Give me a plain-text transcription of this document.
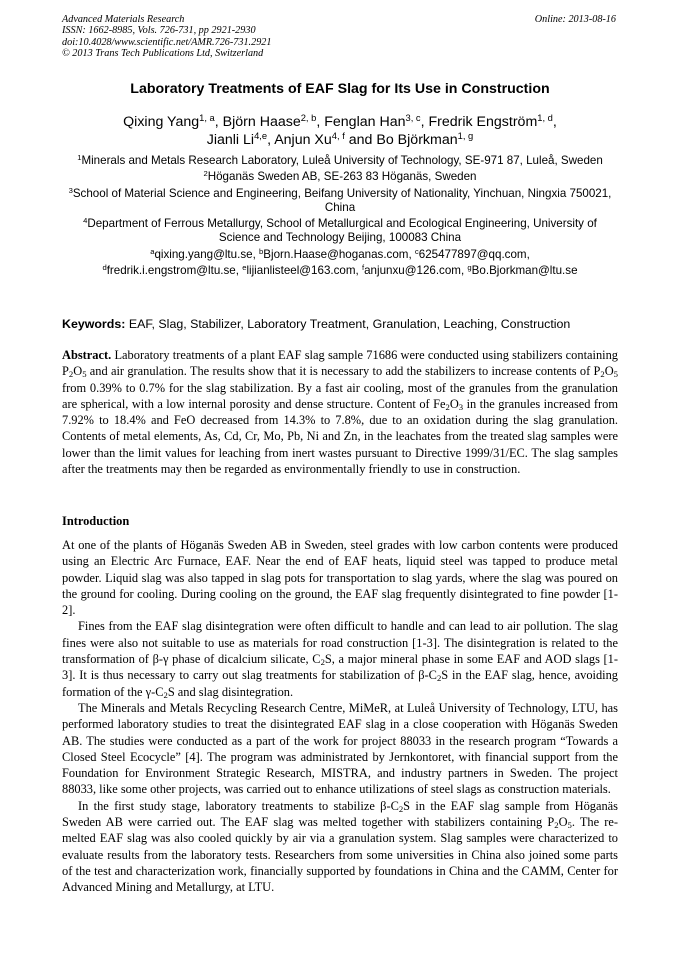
Advanced Materials Research
ISSN: 1662-8985, Vols. 726-731, pp 2921-2930
doi:10.4028/www.scientific.net/AMR.726-731.2921
© 2013 Trans Tech Publications Ltd, Switzerland
Online: 2013-08-16
Laboratory Treatments of EAF Slag for Its Use in Construction
Qixing Yang$^{1, a}$, Björn Haase$^{2, b}$, Fenglan Han$^{3, c}$, Fredrik Engström$^{1, d}$,
Jianli Li$^{4,e}$, Anjun Xu$^{4, f}$ and Bo Björkman$^{1, g}$

$^1$Minerals and Metals Research Laboratory, Luleå University of Technology, SE-971 87, Luleå, Sweden

$^2$Höganäs Sweden AB, SE-263 83 Höganäs, Sweden

$^3$School of Material Science and Engineering, Beifang University of Nationality, Yinchuan, Ningxia 750021, China

$^4$Department of Ferrous Metallurgy, School of Metallurgical and Ecological Engineering, University of Science and Technology Beijing, 100083 China

$^a$qixing.yang@ltu.se, $^b$Bjorn.Haase@hoganas.com, $^c$625477897@qq.com,

$^d$fredrik.i.engstrom@ltu.se, $^e$lijianlisteel@163.com, $^f$anjunxu@126.com, $^g$Bo.Bjorkman@ltu.se

Keywords: EAF, Slag, Stabilizer, Laboratory Treatment, Granulation, Leaching, Construction
Abstract. Laboratory treatments of a plant EAF slag sample 71686 were conducted using stabilizers containing $P_2O_5$ and air granulation. The results show that it is necessary to add the stabilizers to increase contents of $P_2O_5$ from 0.39% to 0.7% for the slag stabilization. By a fast air cooling, most of the granules from the granulation are spherical, with a low internal porosity and dense structure. Content of $Fe_2O_3$ in the granules increased from 7.92% to 18.4% and FeO decreased from 14.3% to 7.8%, due to an oxidation during the slag granulation. Contents of metal elements, As, Cd, Cr, Mo, Pb, Ni and Zn, in the leachates from the treated slag samples were lower than the limit values for leaching from inert wastes pursuant to Directive 1999/31/EC. The slag samples after the treatments may then be regarded as environmentally friendly to use in construction.
Introduction

At one of the plants of Höganäs Sweden AB in Sweden, steel grades with low carbon contents were produced using an Electric Arc Furnace, EAF. Near the end of EAF heats, liquid steel was tapped to produce metal powder. Liquid slag was also tapped in slag pots for transportation to slag yards, where the slag was poured on the ground for cooling. During cooling on the ground, the EAF slag frequently disintegrated to fine powder [1-2].

Fines from the EAF slag disintegration were often difficult to handle and can lead to air pollution. The slag fines were also not suitable to use as materials for road construction [1-3]. The disintegration is related to the transformation of β-γ phase of dicalcium silicate, $C_2S$, a major mineral phase in some EAF and AOD slags [1-3]. It is thus necessary to carry out slag treatments for stabilization of $\beta-C_2S$ in the EAF slag, hence, avoiding formation of the $\gamma-C_2S$ and slag disintegration.

The Minerals and Metals Recycling Research Centre, MiMeR, at Luleå University of Technology, LTU, has performed laboratory studies to treat the disintegrated EAF slag in a close cooperation with Höganäs Sweden AB. The studies were conducted as a part of the work for project 88033 in the research program “Towards a Closed Steel Ecocycle” [4]. The program was administrated by Jernkontoret, with financial support from the Foundation for Environment Strategic Research, MISTRA, and industry partners in Sweden. The project 88033, like some other projects, was carried out to enhance utilizations of steel slags as construction materials.

In the first study stage, laboratory treatments to stabilize $\beta-C_2S$ in the EAF slag sample from Höganäs Sweden AB were carried out. The EAF slag was melted together with stabilizers containing $P_2O_5$. The re-melted EAF slag was also cooled quickly by air via a granulation system. Slag samples were characterized to evaluate results from the laboratory tests. Researchers from some universities in China also joined some parts of the test and characterization work, financially supported by foundations in China and the CAMM, Center for Advanced Mining and Metallurgy, at LTU.
